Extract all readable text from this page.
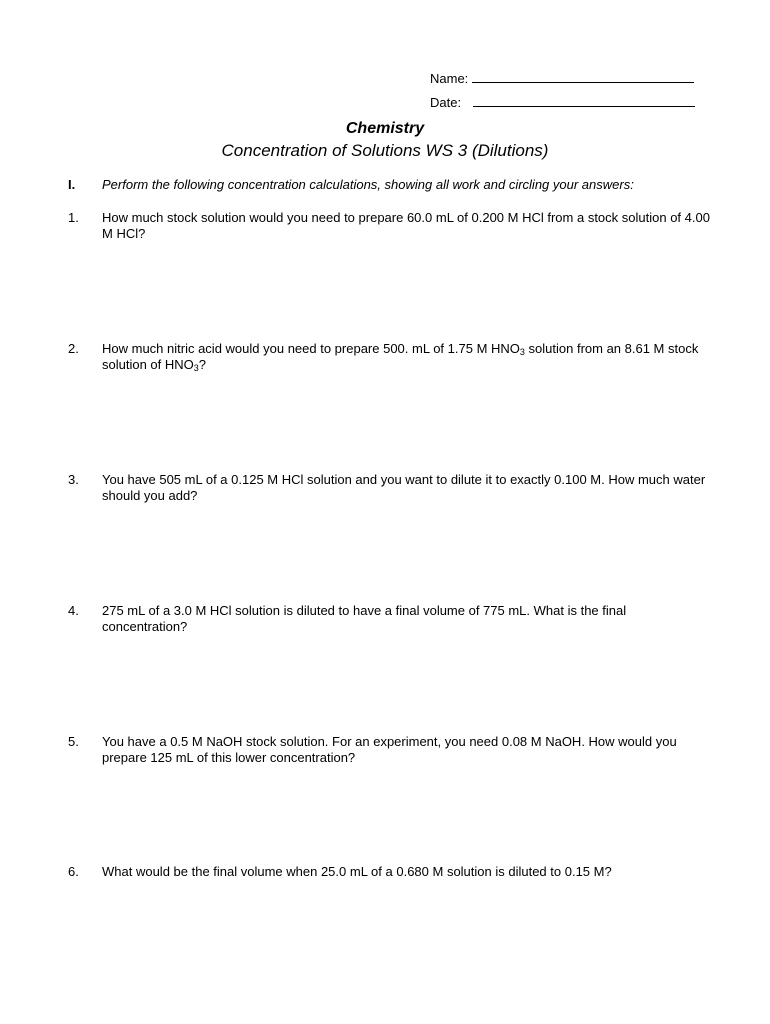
Name:
Date:
Chemistry
Concentration of Solutions WS 3 (Dilutions)
I. Perform the following concentration calculations, showing all work and circling your answers:
1. How much stock solution would you need to prepare 60.0 mL of 0.200 M HCl from a stock solution of 4.00 M HCl?
2. How much nitric acid would you need to prepare 500. mL of 1.75 M $HNO_3$ solution from an 8.61 M stock solution of $HNO_3$?
3. You have 505 mL of a 0.125 M HCl solution and you want to dilute it to exactly 0.100 M. How much water should you add?
4. 275 mL of a 3.0 M HCl solution is diluted to have a final volume of 775 mL. What is the final concentration?
5. You have a 0.5 M NaOH stock solution. For an experiment, you need 0.08 M NaOH. How would you prepare 125 mL of this lower concentration?
6. What would be the final volume when 25.0 mL of a 0.680 M solution is diluted to 0.15 M?
